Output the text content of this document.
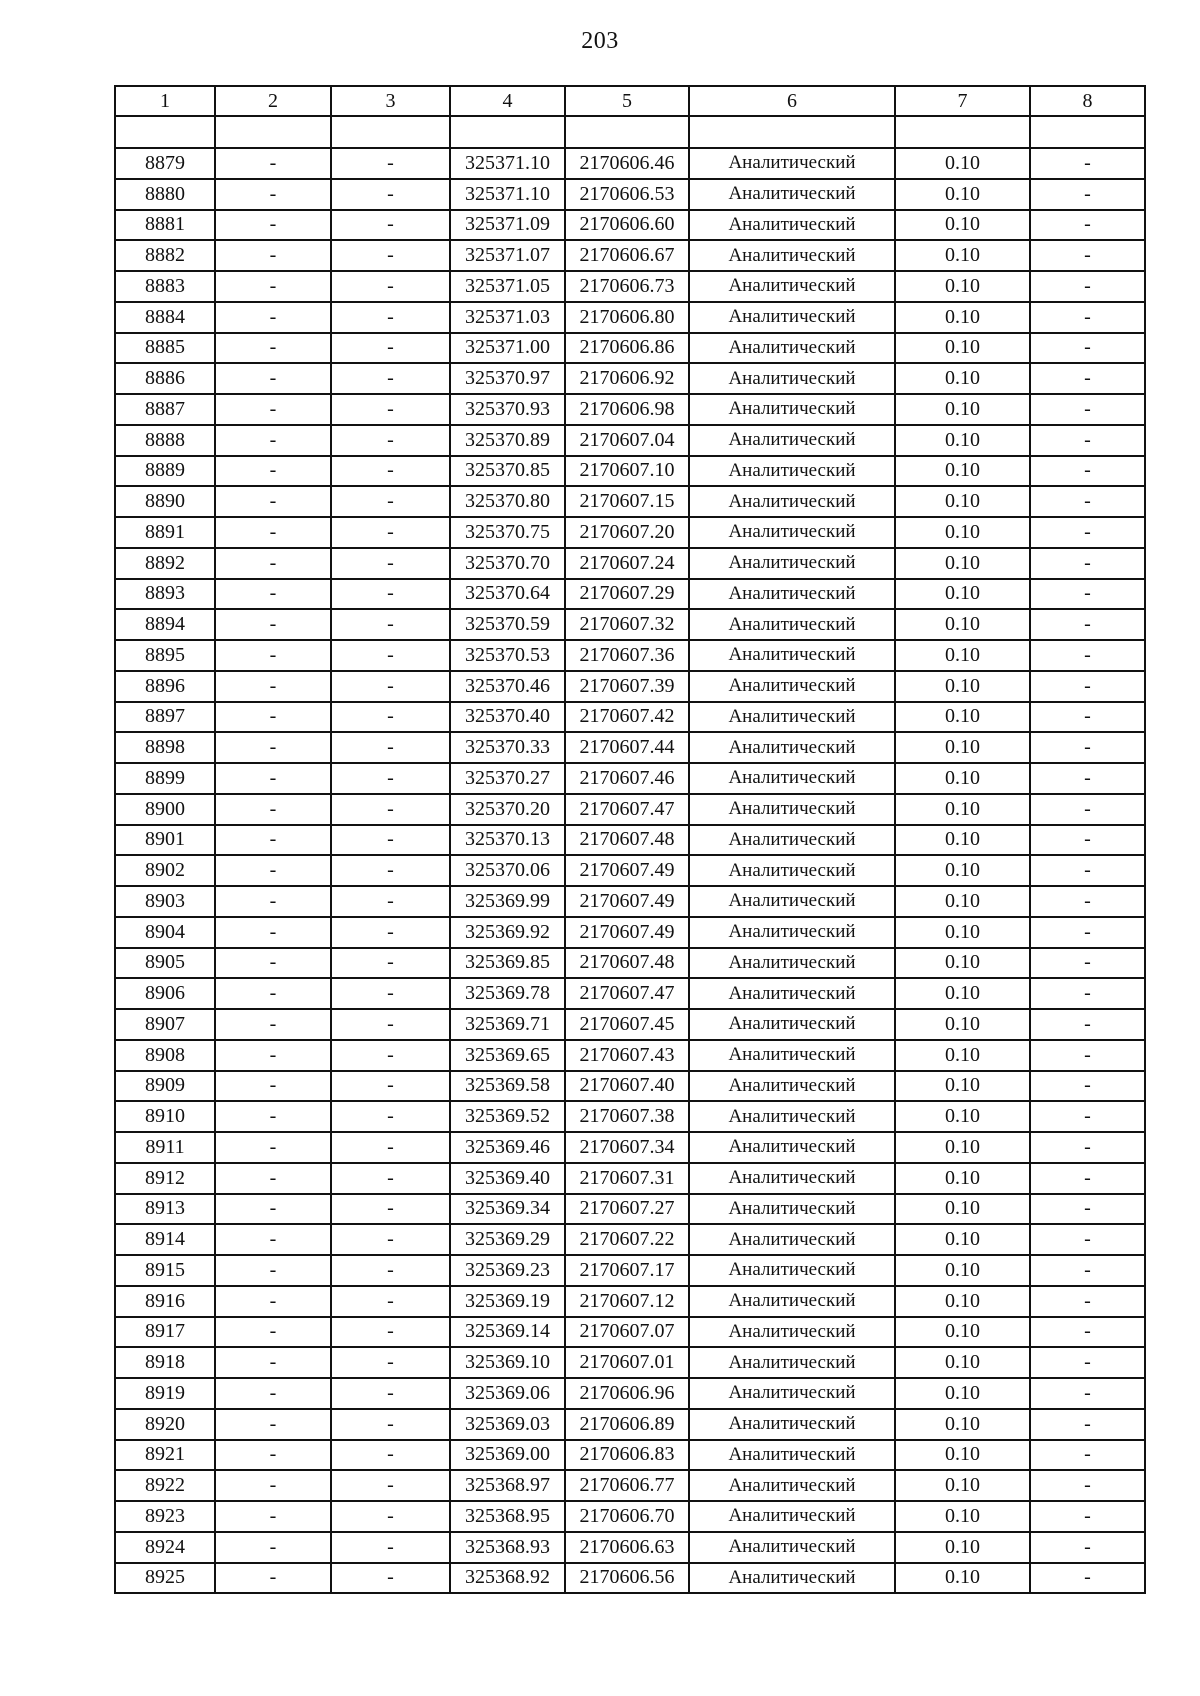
203
1	2	3	4	5	6	7	8

8879	-	-	325371.10	2170606.46	Аналитический	0.10	-
8880	-	-	325371.10	2170606.53	Аналитический	0.10	-
8881	-	-	325371.09	2170606.60	Аналитический	0.10	-
8882	-	-	325371.07	2170606.67	Аналитический	0.10	-
8883	-	-	325371.05	2170606.73	Аналитический	0.10	-
8884	-	-	325371.03	2170606.80	Аналитический	0.10	-
8885	-	-	325371.00	2170606.86	Аналитический	0.10	-
8886	-	-	325370.97	2170606.92	Аналитический	0.10	-
8887	-	-	325370.93	2170606.98	Аналитический	0.10	-
8888	-	-	325370.89	2170607.04	Аналитический	0.10	-
8889	-	-	325370.85	2170607.10	Аналитический	0.10	-
8890	-	-	325370.80	2170607.15	Аналитический	0.10	-
8891	-	-	325370.75	2170607.20	Аналитический	0.10	-
8892	-	-	325370.70	2170607.24	Аналитический	0.10	-
8893	-	-	325370.64	2170607.29	Аналитический	0.10	-
8894	-	-	325370.59	2170607.32	Аналитический	0.10	-
8895	-	-	325370.53	2170607.36	Аналитический	0.10	-
8896	-	-	325370.46	2170607.39	Аналитический	0.10	-
8897	-	-	325370.40	2170607.42	Аналитический	0.10	-
8898	-	-	325370.33	2170607.44	Аналитический	0.10	-
8899	-	-	325370.27	2170607.46	Аналитический	0.10	-
8900	-	-	325370.20	2170607.47	Аналитический	0.10	-
8901	-	-	325370.13	2170607.48	Аналитический	0.10	-
8902	-	-	325370.06	2170607.49	Аналитический	0.10	-
8903	-	-	325369.99	2170607.49	Аналитический	0.10	-
8904	-	-	325369.92	2170607.49	Аналитический	0.10	-
8905	-	-	325369.85	2170607.48	Аналитический	0.10	-
8906	-	-	325369.78	2170607.47	Аналитический	0.10	-
8907	-	-	325369.71	2170607.45	Аналитический	0.10	-
8908	-	-	325369.65	2170607.43	Аналитический	0.10	-
8909	-	-	325369.58	2170607.40	Аналитический	0.10	-
8910	-	-	325369.52	2170607.38	Аналитический	0.10	-
8911	-	-	325369.46	2170607.34	Аналитический	0.10	-
8912	-	-	325369.40	2170607.31	Аналитический	0.10	-
8913	-	-	325369.34	2170607.27	Аналитический	0.10	-
8914	-	-	325369.29	2170607.22	Аналитический	0.10	-
8915	-	-	325369.23	2170607.17	Аналитический	0.10	-
8916	-	-	325369.19	2170607.12	Аналитический	0.10	-
8917	-	-	325369.14	2170607.07	Аналитический	0.10	-
8918	-	-	325369.10	2170607.01	Аналитический	0.10	-
8919	-	-	325369.06	2170606.96	Аналитический	0.10	-
8920	-	-	325369.03	2170606.89	Аналитический	0.10	-
8921	-	-	325369.00	2170606.83	Аналитический	0.10	-
8922	-	-	325368.97	2170606.77	Аналитический	0.10	-
8923	-	-	325368.95	2170606.70	Аналитический	0.10	-
8924	-	-	325368.93	2170606.63	Аналитический	0.10	-
8925	-	-	325368.92	2170606.56	Аналитический	0.10	-
